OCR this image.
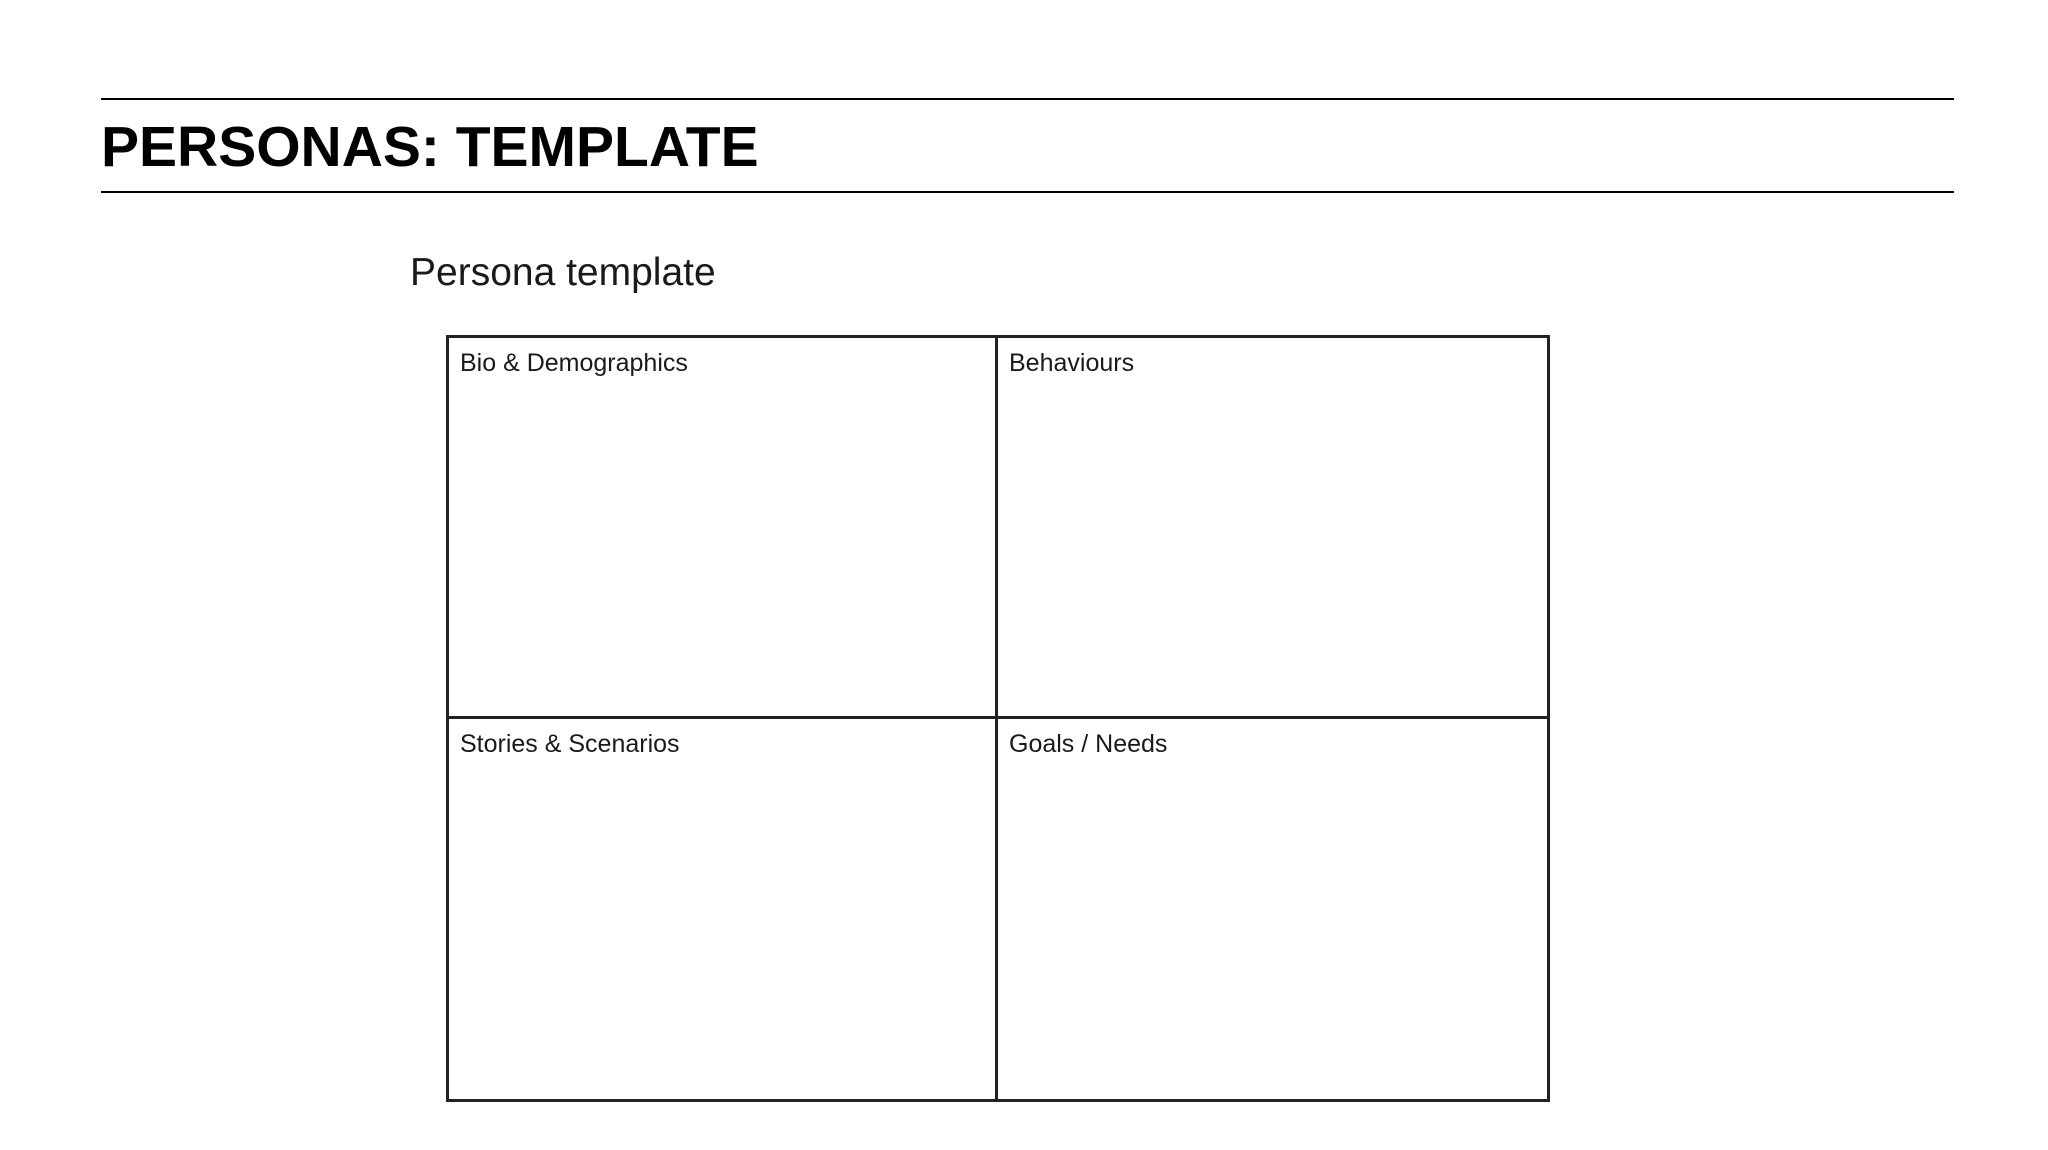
PERSONAS: TEMPLATE
Persona template
Bio & Demographics	Behaviours
Stories & Scenarios	Goals / Needs
